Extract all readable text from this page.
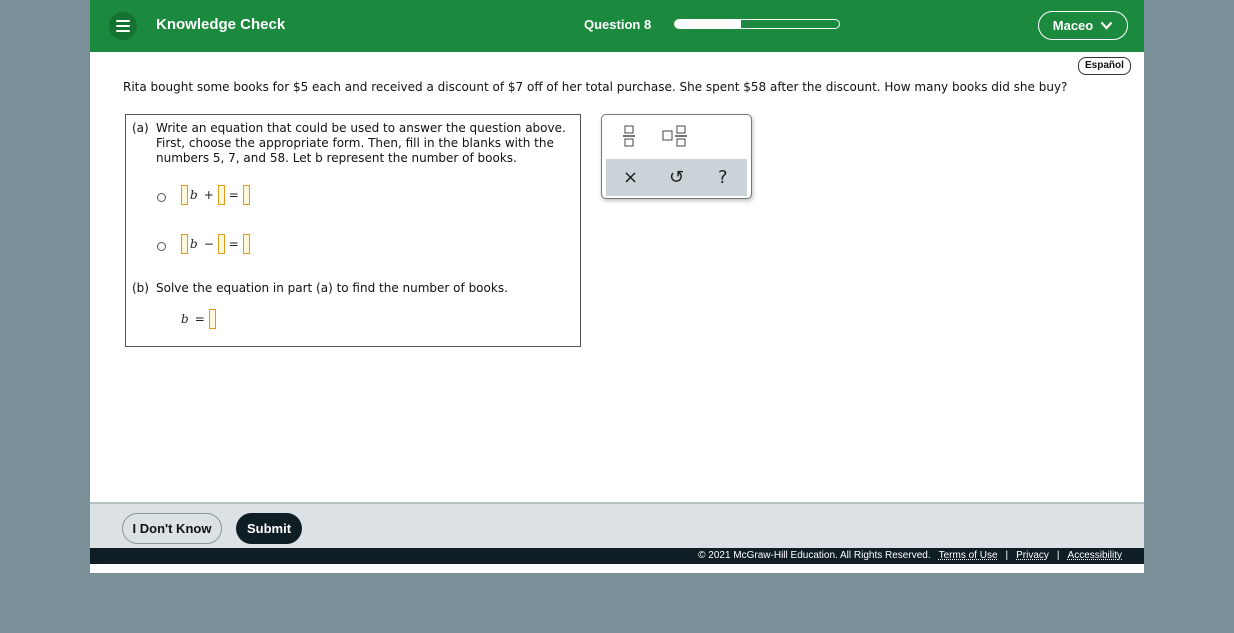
Knowledge Check	Question 8	Maceo
Español
Rita bought some books for $5 each and received a discount of $7 off of her total purchase. She spent $58 after the discount. How many books did she buy?
(a) Write an equation that could be used to answer the question above. First, choose the appropriate form. Then, fill in the blanks with the numbers 5, 7, and 58. Let b represent the number of books.
b + =
b − =
(b) Solve the equation in part (a) to find the number of books.
b =
× ↺ ?
I Don't Know	Submit
© 2021 McGraw-Hill Education. All Rights Reserved. Terms of Use | Privacy | Accessibility
